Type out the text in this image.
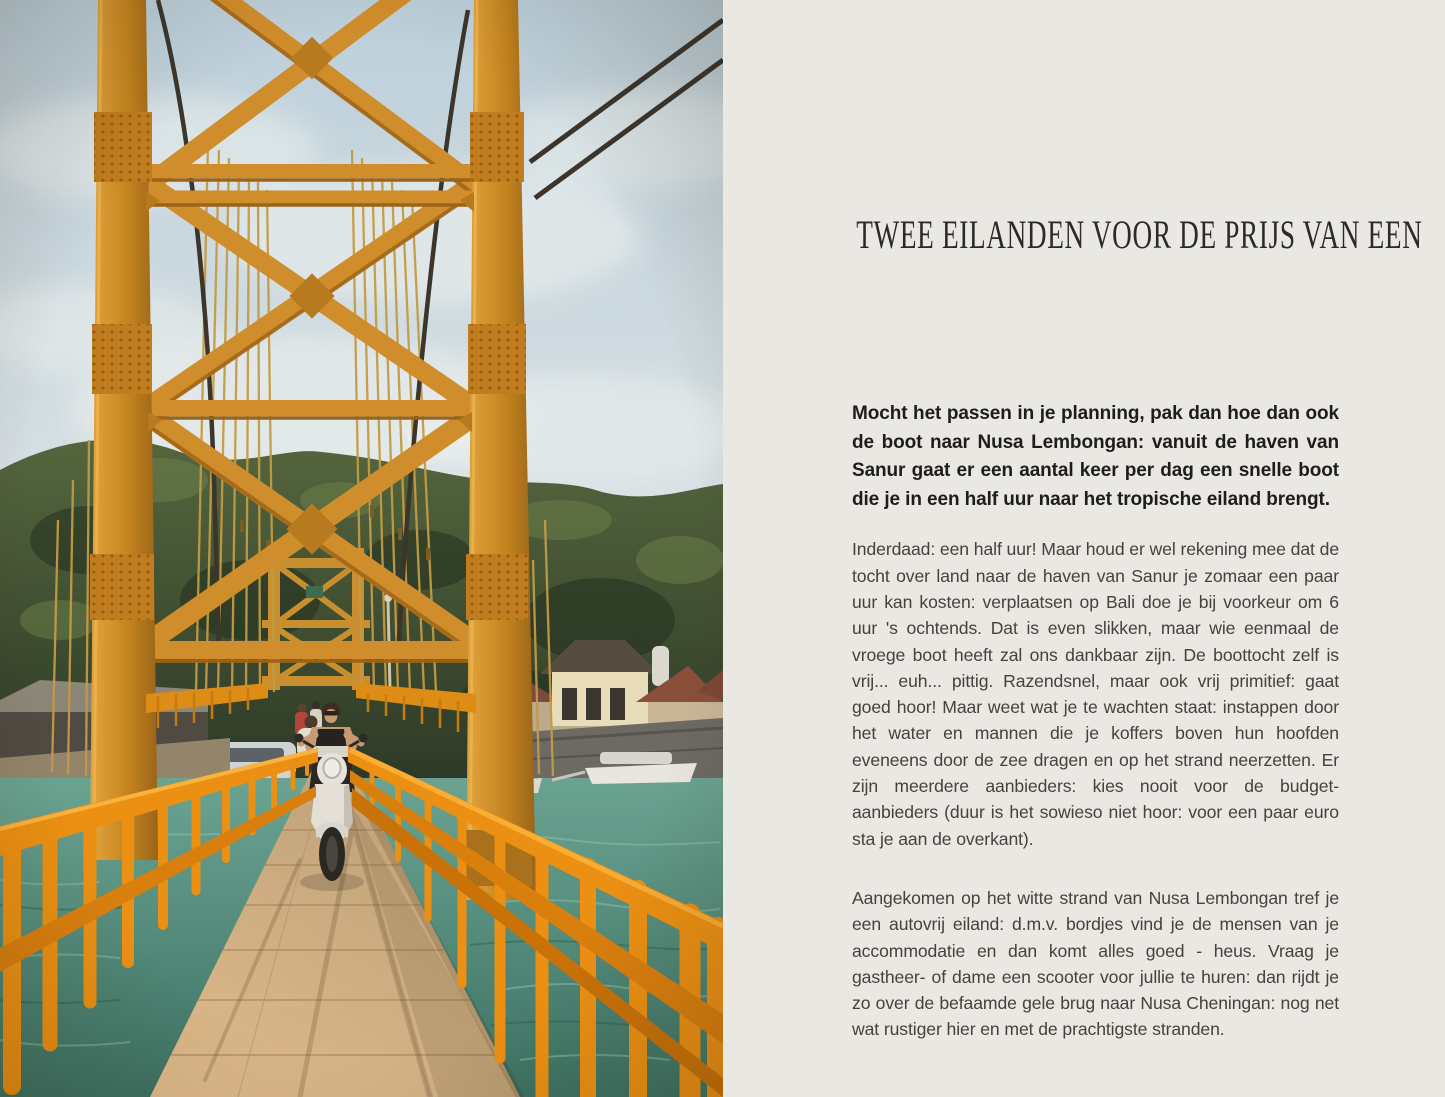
TWEE EILANDEN VOOR DE PRIJS VAN EEN

Mocht het passen in je planning, pak dan hoe dan ook de boot naar Nusa Lembongan: vanuit de haven van Sanur gaat er een aantal keer per dag een snelle boot die je in een half uur naar het tropische eiland brengt.

Inderdaad: een half uur! Maar houd er wel rekening mee dat de tocht over land naar de haven van Sanur je zomaar een paar uur kan kosten: verplaatsen op Bali doe je bij voorkeur om 6 uur 's ochtends. Dat is even slikken, maar wie eenmaal de vroege boot heeft zal ons dankbaar zijn. De boottocht zelf is vrij... euh... pittig. Razendsnel, maar ook vrij primitief: gaat goed hoor! Maar weet wat je te wachten staat: instappen door het water en mannen die je koffers boven hun hoofden eveneens door de zee dragen en op het strand neerzetten. Er zijn meerdere aanbieders: kies nooit voor de budget-aanbieders (duur is het sowieso niet hoor: voor een paar euro sta je aan de overkant).

Aangekomen op het witte strand van Nusa Lembongan tref je een autovrij eiland: d.m.v. bordjes vind je de mensen van je accommodatie en dan komt alles goed - heus. Vraag je gastheer- of dame een scooter voor jullie te huren: dan rijdt je zo over de befaamde gele brug naar Nusa Cheningan: nog net wat rustiger hier en met de prachtigste stranden.
